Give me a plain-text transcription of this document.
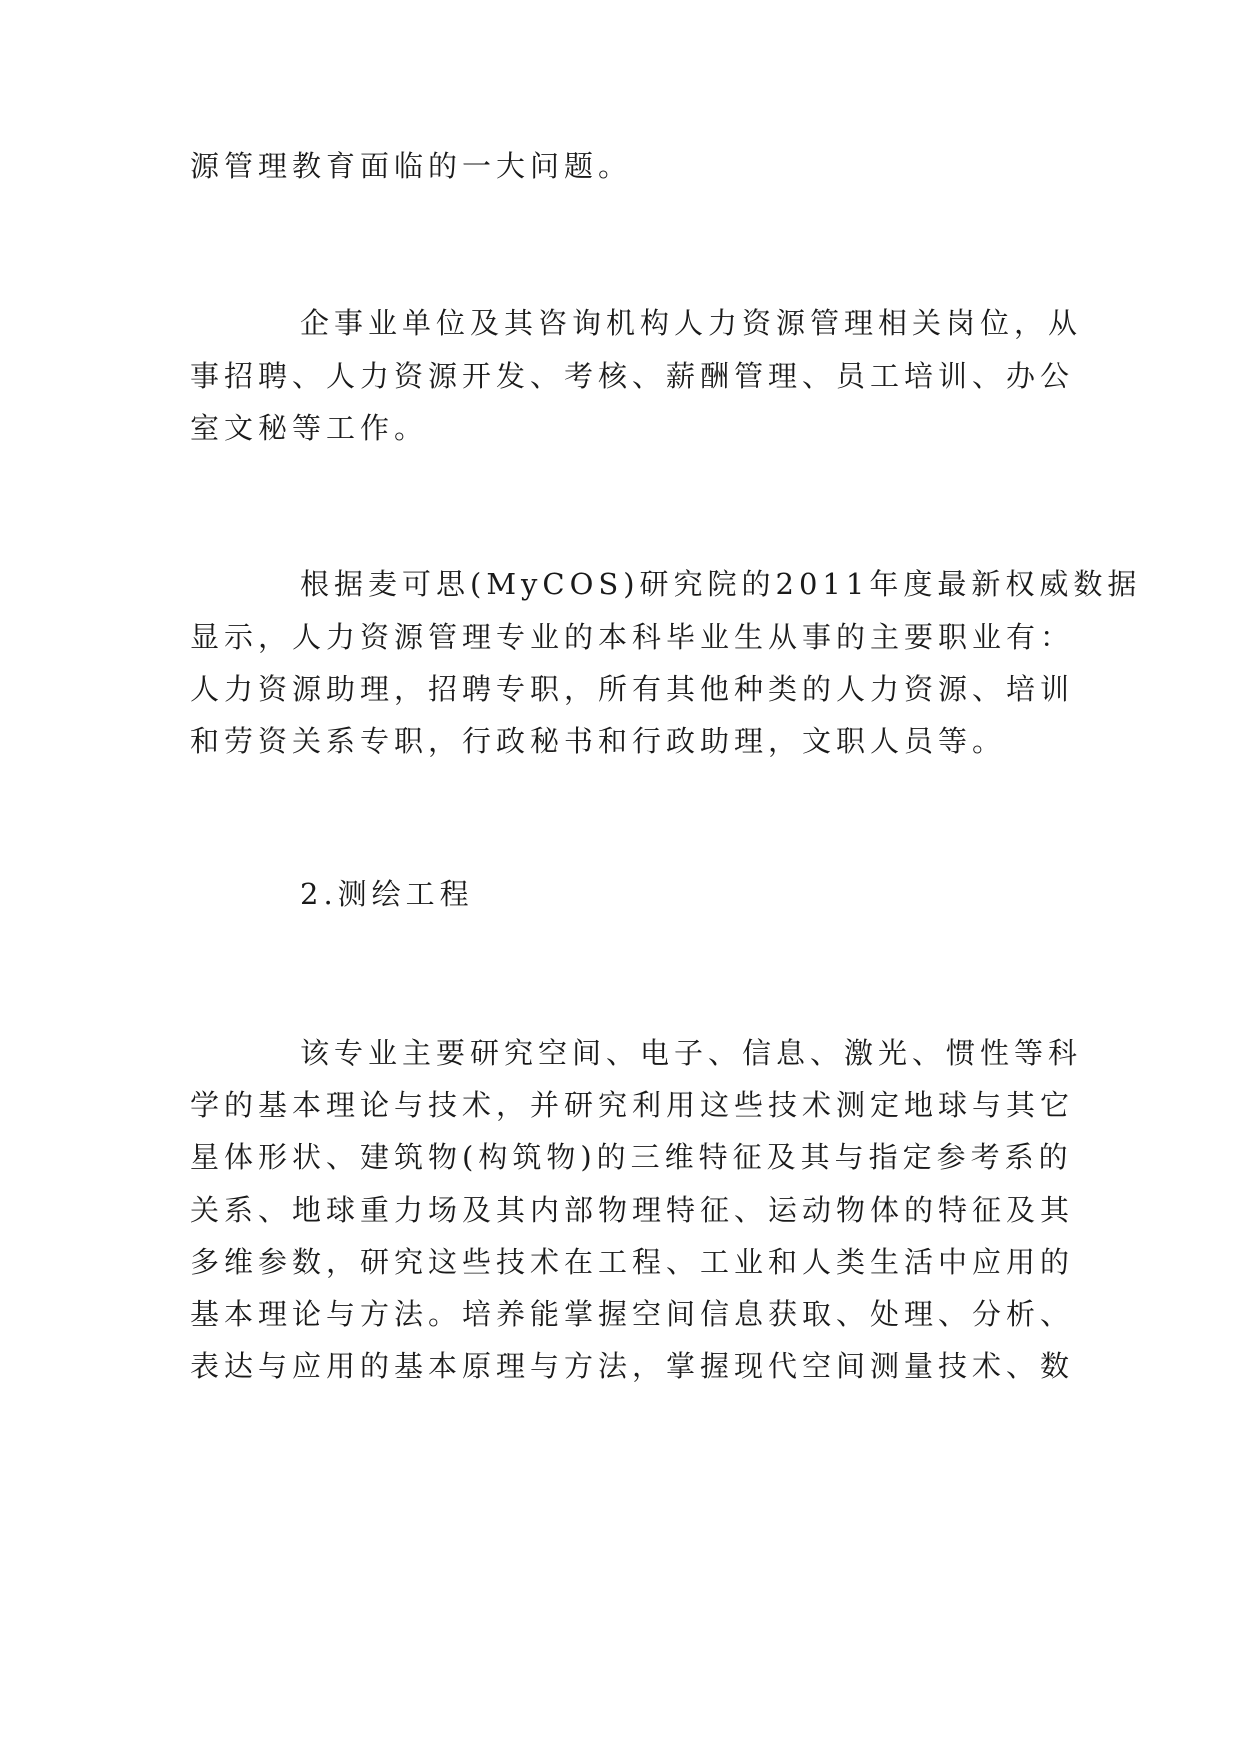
源管理教育面临的一大问题。

企事业单位及其咨询机构人力资源管理相关岗位，从

事招聘、人力资源开发、考核、薪酬管理、员工培训、办公

室文秘等工作。

根据麦可思(MyCOS)研究院的2011年度最新权威数据

显示，人力资源管理专业的本科毕业生从事的主要职业有：

人力资源助理，招聘专职，所有其他种类的人力资源、培训

和劳资关系专职，行政秘书和行政助理，文职人员等。

2.测绘工程

该专业主要研究空间、电子、信息、激光、惯性等科

学的基本理论与技术，并研究利用这些技术测定地球与其它

星体形状、建筑物(构筑物)的三维特征及其与指定参考系的

关系、地球重力场及其内部物理特征、运动物体的特征及其

多维参数，研究这些技术在工程、工业和人类生活中应用的

基本理论与方法。培养能掌握空间信息获取、处理、分析、

表达与应用的基本原理与方法，掌握现代空间测量技术、数
